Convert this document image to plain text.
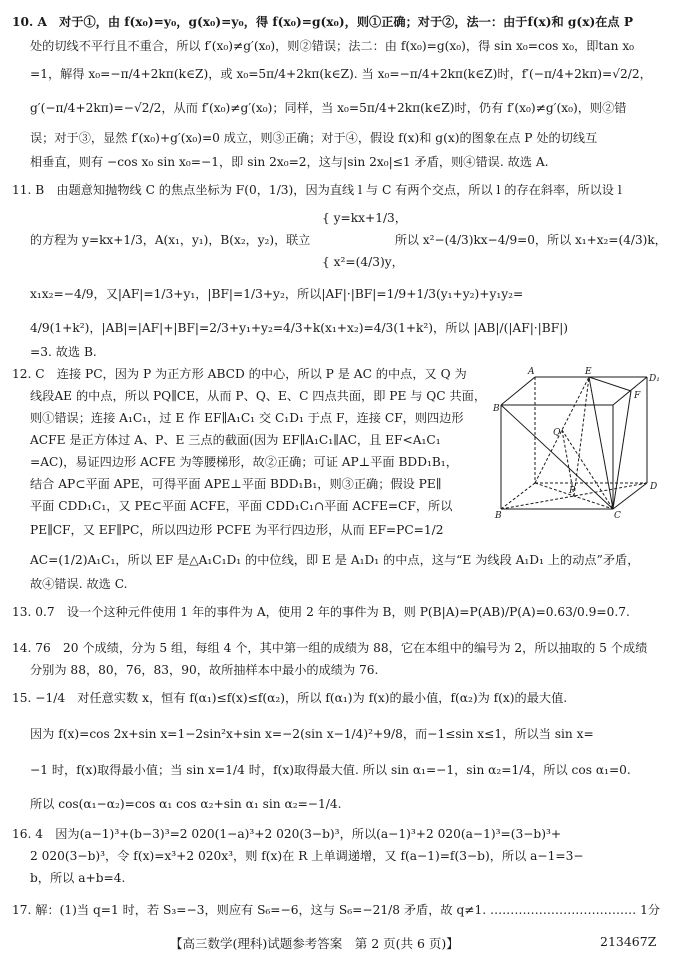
10. A　对于①，由 f(x₀)=y₀，g(x₀)=y₀，得 f(x₀)=g(x₀)，则①正确；对于②，法一：由于f(x)和 g(x)在点 P
处的切线不平行且不重合，所以 f′(x₀)≠g′(x₀)，则②错误；法二：由 f(x₀)=g(x₀)，得 sin x₀=cos x₀，即tan x₀
=1，解得 x₀=−π/4+2kπ(k∈Z)，或 x₀=5π/4+2kπ(k∈Z). 当 x₀=−π/4+2kπ(k∈Z)时，f′(−π/4+2kπ)=√2/2，
g′(−π/4+2kπ)=−√2/2，从而 f′(x₀)≠g′(x₀)；同样，当 x₀=5π/4+2kπ(k∈Z)时，仍有 f′(x₀)≠g′(x₀)，则②错
误；对于③，显然 f′(x₀)+g′(x₀)=0 成立，则③正确；对于④，假设 f(x)和 g(x)的图象在点 P 处的切线互
相垂直，则有 −cos x₀ sin x₀=−1，即 sin 2x₀=2，这与|sin 2x₀|≤1 矛盾，则④错误. 故选 A.
11. B　由题意知抛物线 C 的焦点坐标为 F(0，1/3)，因为直线 l 与 C 有两个交点，所以 l 的存在斜率，所以设 l
{ y=kx+1/3，
的方程为 y=kx+1/3，A(x₁，y₁)，B(x₂，y₂)，联立　　　　　　　所以 x²−(4/3)kx−4/9=0，所以 x₁+x₂=(4/3)k，
{ x²=(4/3)y，
x₁x₂=−4/9，又|AF|=1/3+y₁，|BF|=1/3+y₂，所以|AF|·|BF|=1/9+1/3(y₁+y₂)+y₁y₂=
4/9(1+k²)，|AB|=|AF|+|BF|=2/3+y₁+y₂=4/3+k(x₁+x₂)=4/3(1+k²)，所以 |AB|/(|AF|·|BF|)
=3. 故选 B.
12. C　连接 PC，因为 P 为正方形 ABCD 的中心，所以 P 是 AC 的中点，又 Q 为
线段AE 的中点，所以 PQ∥CE，从而 P、Q、E、C 四点共面，即 PE 与 QC 共面，
则①错误；连接 A₁C₁，过 E 作 EF∥A₁C₁ 交 C₁D₁ 于点 F，连接 CF，则四边形
ACFE 是正方体过 A、P、E 三点的截面(因为 EF∥A₁C₁∥AC，且 EF<A₁C₁
=AC)，易证四边形 ACFE 为等腰梯形，故②正确；可证 AP⊥平面 BDD₁B₁，
结合 AP⊂平面 APE，可得平面 APE⊥平面 BDD₁B₁，则③正确；假设 PE∥
平面 CDD₁C₁，又 PE⊂平面 ACFE，平面 CDD₁C₁∩平面 ACFE=CF，所以
PE∥CF，又 EF∥PC，所以四边形 PCFE 为平行四边形，从而 EF=PC=1/2
AC=(1/2)A₁C₁，所以 EF 是△A₁C₁D₁ 的中位线，即 E 是 A₁D₁ 的中点，这与“E 为线段 A₁D₁ 上的动点”矛盾，
故④错误. 故选 C.
13. 0.7　设一个这种元件使用 1 年的事件为 A，使用 2 年的事件为 B，则 P(B|A)=P(AB)/P(A)=0.63/0.9=0.7.
14. 76　20 个成绩，分为 5 组，每组 4 个，其中第一组的成绩为 88，它在本组中的编号为 2，所以抽取的 5 个成绩
分别为 88，80，76，83，90，故所抽样本中最小的成绩为 76.
15. −1/4　对任意实数 x，恒有 f(α₁)≤f(x)≤f(α₂)，所以 f(α₁)为 f(x)的最小值，f(α₂)为 f(x)的最大值.
因为 f(x)=cos 2x+sin x=1−2sin²x+sin x=−2(sin x−1/4)²+9/8，而−1≤sin x≤1，所以当 sin x=
−1 时，f(x)取得最小值；当 sin x=1/4 时，f(x)取得最大值. 所以 sin α₁=−1，sin α₂=1/4，所以 cos α₁=0.
所以 cos(α₁−α₂)=cos α₁ cos α₂+sin α₁ sin α₂=−1/4.
16. 4　因为(a−1)³+(b−3)³=2 020(1−a)³+2 020(3−b)³，所以(a−1)³+2 020(a−1)³=(3−b)³+
2 020(3−b)³，令 f(x)=x³+2 020x³，则 f(x)在 R 上单调递增，又 f(a−1)=f(3−b)，所以 a−1=3−
b，所以 a+b=4.
17. 解：(1)当 q=1 时，若 S₃=−3，则应有 S₆=−6，这与 S₆=−21/8 矛盾，故 q≠1. ……………………………… 1分
A	E
D₁
F
B
Q
P	D
B	C
【高三数学(理科)试题参考答案　第 2 页(共 6 页)】	213467Z
